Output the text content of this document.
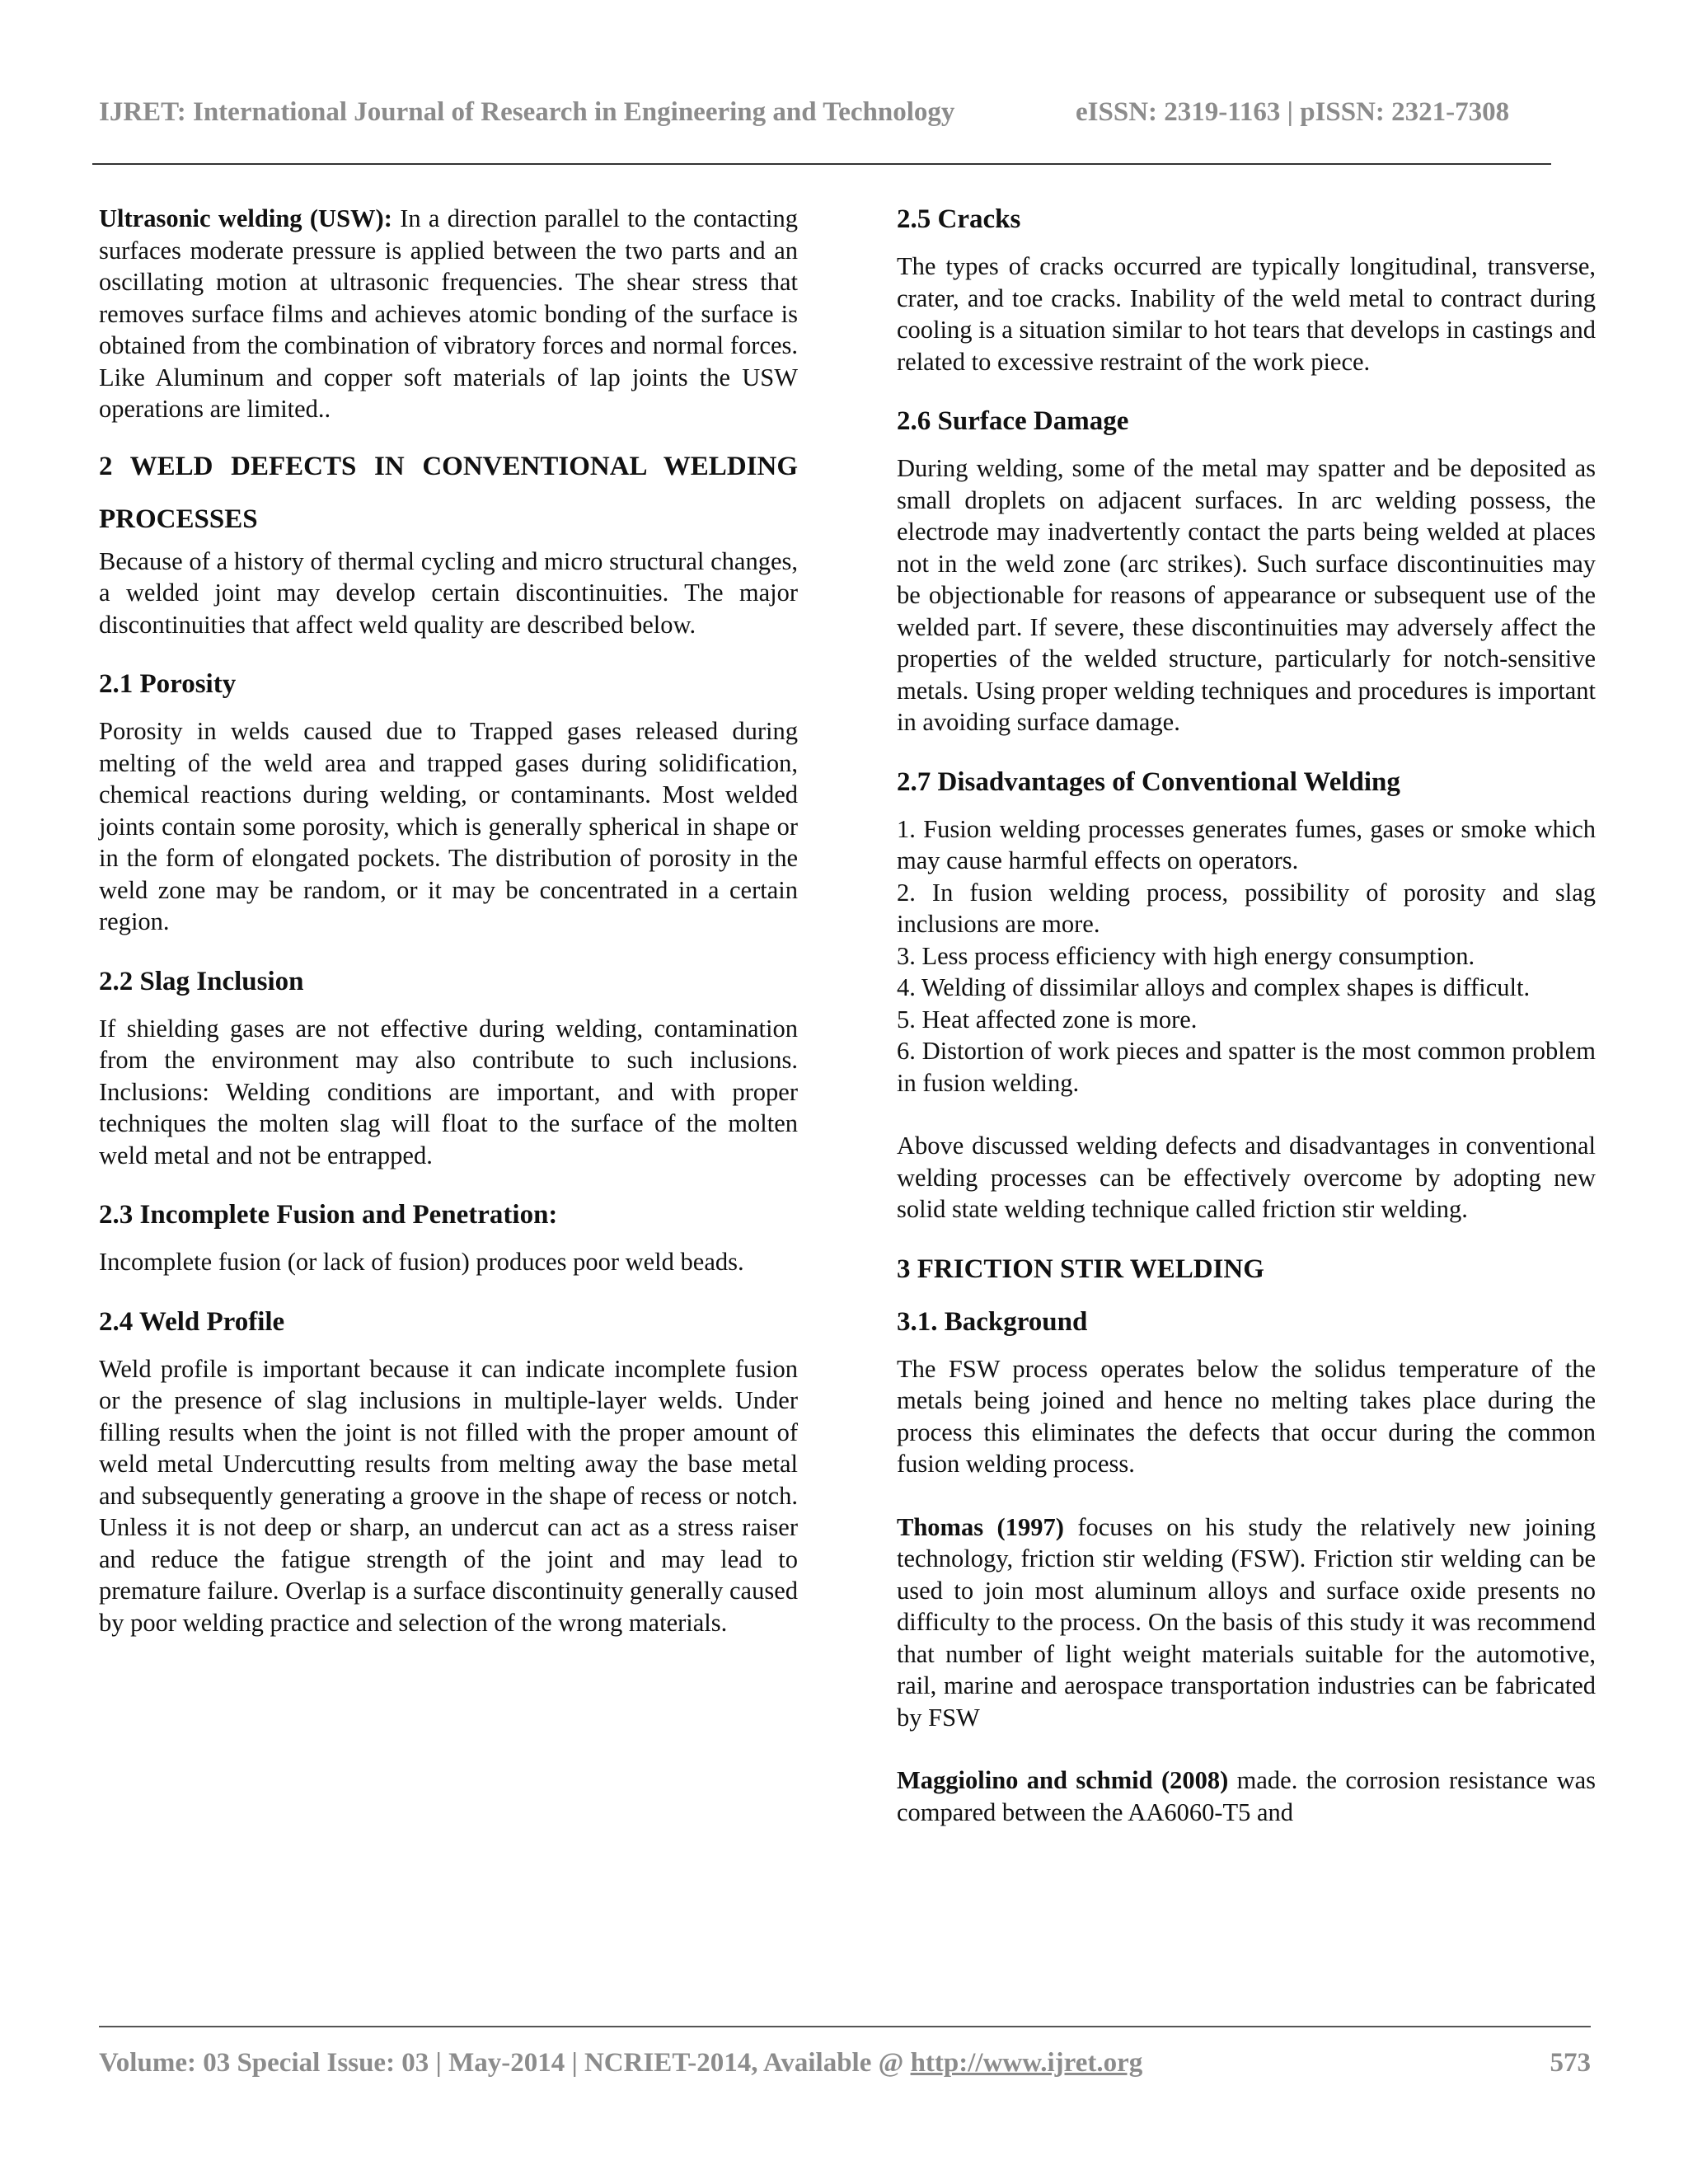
IJRET: International Journal of Research in Engineering and Technology	eISSN: 2319-1163 | pISSN: 2321-7308

Ultrasonic welding (USW): In a direction parallel to the contacting surfaces moderate pressure is applied between the two parts and an oscillating motion at ultrasonic frequencies. The shear stress that removes surface films and achieves atomic bonding of the surface is obtained from the combination of vibratory forces and normal forces. Like Aluminum and copper soft materials of lap joints the USW operations are limited..

2 WELD DEFECTS IN CONVENTIONAL WELDING PROCESSES

Because of a history of thermal cycling and micro structural changes, a welded joint may develop certain discontinuities. The major discontinuities that affect weld quality are described below.

2.1 Porosity

Porosity in welds caused due to Trapped gases released during melting of the weld area and trapped gases during solidification, chemical reactions during welding, or contaminants. Most welded joints contain some porosity, which is generally spherical in shape or in the form of elongated pockets. The distribution of porosity in the weld zone may be random, or it may be concentrated in a certain region.

2.2 Slag Inclusion

If shielding gases are not effective during welding, contamination from the environment may also contribute to such inclusions. Inclusions: Welding conditions are important, and with proper techniques the molten slag will float to the surface of the molten weld metal and not be entrapped.

2.3 Incomplete Fusion and Penetration:

Incomplete fusion (or lack of fusion) produces poor weld beads.

2.4 Weld Profile

Weld profile is important because it can indicate incomplete fusion or the presence of slag inclusions in multiple-layer welds. Under filling results when the joint is not filled with the proper amount of weld metal Undercutting results from melting away the base metal and subsequently generating a groove in the shape of recess or notch. Unless it is not deep or sharp, an undercut can act as a stress raiser and reduce the fatigue strength of the joint and may lead to premature failure. Overlap is a surface discontinuity generally caused by poor welding practice and selection of the wrong materials.

2.5 Cracks

The types of cracks occurred are typically longitudinal, transverse, crater, and toe cracks. Inability of the weld metal to contract during cooling is a situation similar to hot tears that develops in castings and related to excessive restraint of the work piece.

2.6 Surface Damage

During welding, some of the metal may spatter and be deposited as small droplets on adjacent surfaces. In arc welding possess, the electrode may inadvertently contact the parts being welded at places not in the weld zone (arc strikes). Such surface discontinuities may be objectionable for reasons of appearance or subsequent use of the welded part. If severe, these discontinuities may adversely affect the properties of the welded structure, particularly for notch-sensitive metals. Using proper welding techniques and procedures is important in avoiding surface damage.

2.7 Disadvantages of Conventional Welding
1. Fusion welding processes generates fumes, gases or smoke which may cause harmful effects on operators.
2. In fusion welding process, possibility of porosity and slag inclusions are more.
3. Less process efficiency with high energy consumption.
4. Welding of dissimilar alloys and complex shapes is difficult.
5. Heat affected zone is more.
6. Distortion of work pieces and spatter is the most common problem in fusion welding.

Above discussed welding defects and disadvantages in conventional welding processes can be effectively overcome by adopting new solid state welding technique called friction stir welding.

3 FRICTION STIR WELDING
3.1. Background

The FSW process operates below the solidus temperature of the metals being joined and hence no melting takes place during the process this eliminates the defects that occur during the common fusion welding process.

Thomas (1997) focuses on his study the relatively new joining technology, friction stir welding (FSW). Friction stir welding can be used to join most aluminum alloys and surface oxide presents no difficulty to the process. On the basis of this study it was recommend that number of light weight materials suitable for the automotive, rail, marine and aerospace transportation industries can be fabricated by FSW

Maggiolino and schmid (2008) made. the corrosion resistance was compared between the AA6060-T5 and

Volume: 03 Special Issue: 03 | May-2014 | NCRIET-2014, Available @ http://www.ijret.org	573
